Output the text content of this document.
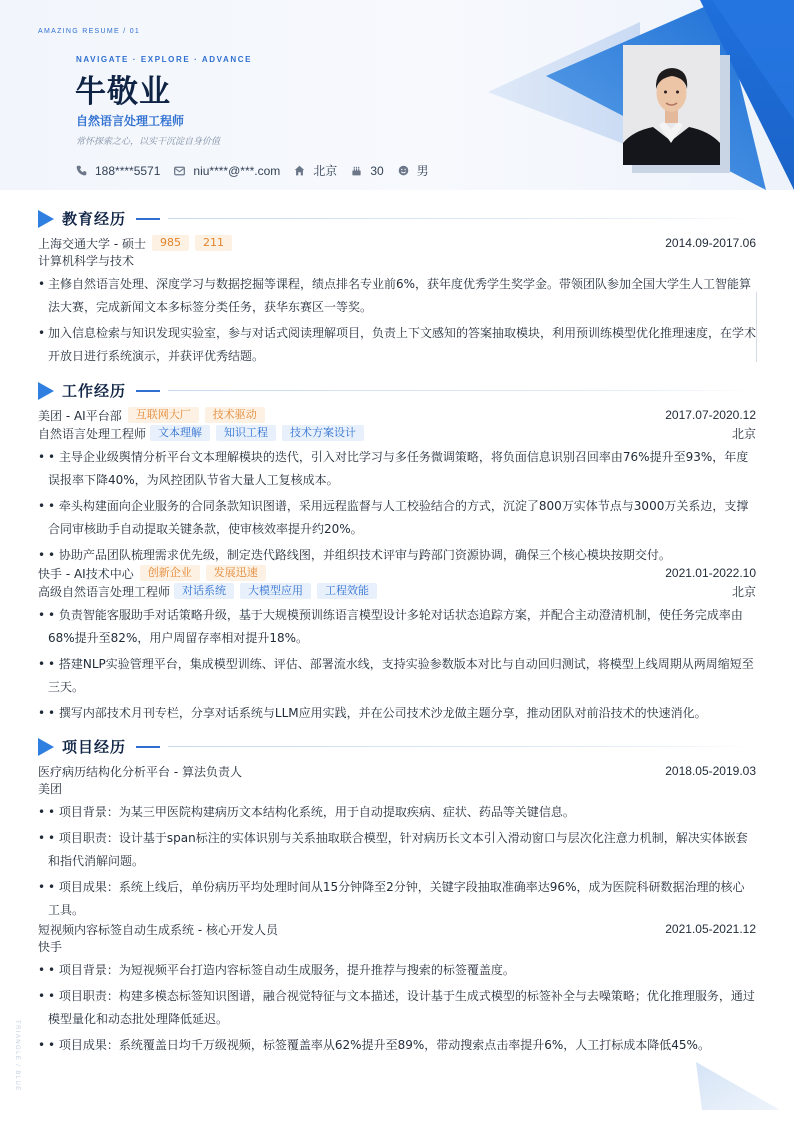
AMAZING RESUME / 01
NAVIGATE · EXPLORE · ADVANCE
牛敬业
自然语言处理工程师
常怀探索之心，以实干沉淀自身价值
188****5571	niu****@***.com	北京	30	男
教育经历
上海交通大学 - 硕士	985	211	2014.09-2017.06
计算机科学与技术
• 主修自然语言处理、深度学习与数据挖掘等课程，绩点排名专业前6%，获年度优秀学生奖学金。带领团队参加全国大学生人工智能算法大赛，完成新闻文本多标签分类任务，获华东赛区一等奖。
• 加入信息检索与知识发现实验室，参与对话式阅读理解项目，负责上下文感知的答案抽取模块，利用预训练模型优化推理速度，在学术开放日进行系统演示，并获评优秀结题。
工作经历
美团 - AI平台部	互联网大厂	技术驱动	2017.07-2020.12
自然语言处理工程师	文本理解	知识工程	技术方案设计	北京
• • 主导企业级舆情分析平台文本理解模块的迭代，引入对比学习与多任务微调策略，将负面信息识别召回率由76%提升至93%，年度误报率下降40%，为风控团队节省大量人工复核成本。
• • 牵头构建面向企业服务的合同条款知识图谱，采用远程监督与人工校验结合的方式，沉淀了800万实体节点与3000万关系边，支撑合同审核助手自动提取关键条款，使审核效率提升约20%。
• • 协助产品团队梳理需求优先级，制定迭代路线图，并组织技术评审与跨部门资源协调，确保三个核心模块按期交付。
快手 - AI技术中心	创新企业	发展迅速	2021.01-2022.10
高级自然语言处理工程师	对话系统	大模型应用	工程效能	北京
• • 负责智能客服助手对话策略升级，基于大规模预训练语言模型设计多轮对话状态追踪方案，并配合主动澄清机制，使任务完成率由68%提升至82%，用户周留存率相对提升18%。
• • 搭建NLP实验管理平台，集成模型训练、评估、部署流水线，支持实验参数版本对比与自动回归测试，将模型上线周期从两周缩短至三天。
• • 撰写内部技术月刊专栏，分享对话系统与LLM应用实践，并在公司技术沙龙做主题分享，推动团队对前沿技术的快速消化。
项目经历
医疗病历结构化分析平台 - 算法负责人	2018.05-2019.03
美团
• • 项目背景：为某三甲医院构建病历文本结构化系统，用于自动提取疾病、症状、药品等关键信息。
• • 项目职责：设计基于span标注的实体识别与关系抽取联合模型，针对病历长文本引入滑动窗口与层次化注意力机制，解决实体嵌套和指代消解问题。
• • 项目成果：系统上线后，单份病历平均处理时间从15分钟降至2分钟，关键字段抽取准确率达96%，成为医院科研数据治理的核心工具。
短视频内容标签自动生成系统 - 核心开发人员	2021.05-2021.12
快手
• • 项目背景：为短视频平台打造内容标签自动生成服务，提升推荐与搜索的标签覆盖度。
• • 项目职责：构建多模态标签知识图谱，融合视觉特征与文本描述，设计基于生成式模型的标签补全与去噪策略；优化推理服务，通过模型量化和动态批处理降低延迟。
• • 项目成果：系统覆盖日均千万级视频，标签覆盖率从62%提升至89%，带动搜索点击率提升6%，人工打标成本降低45%。
TRIANGLE / BLUE
